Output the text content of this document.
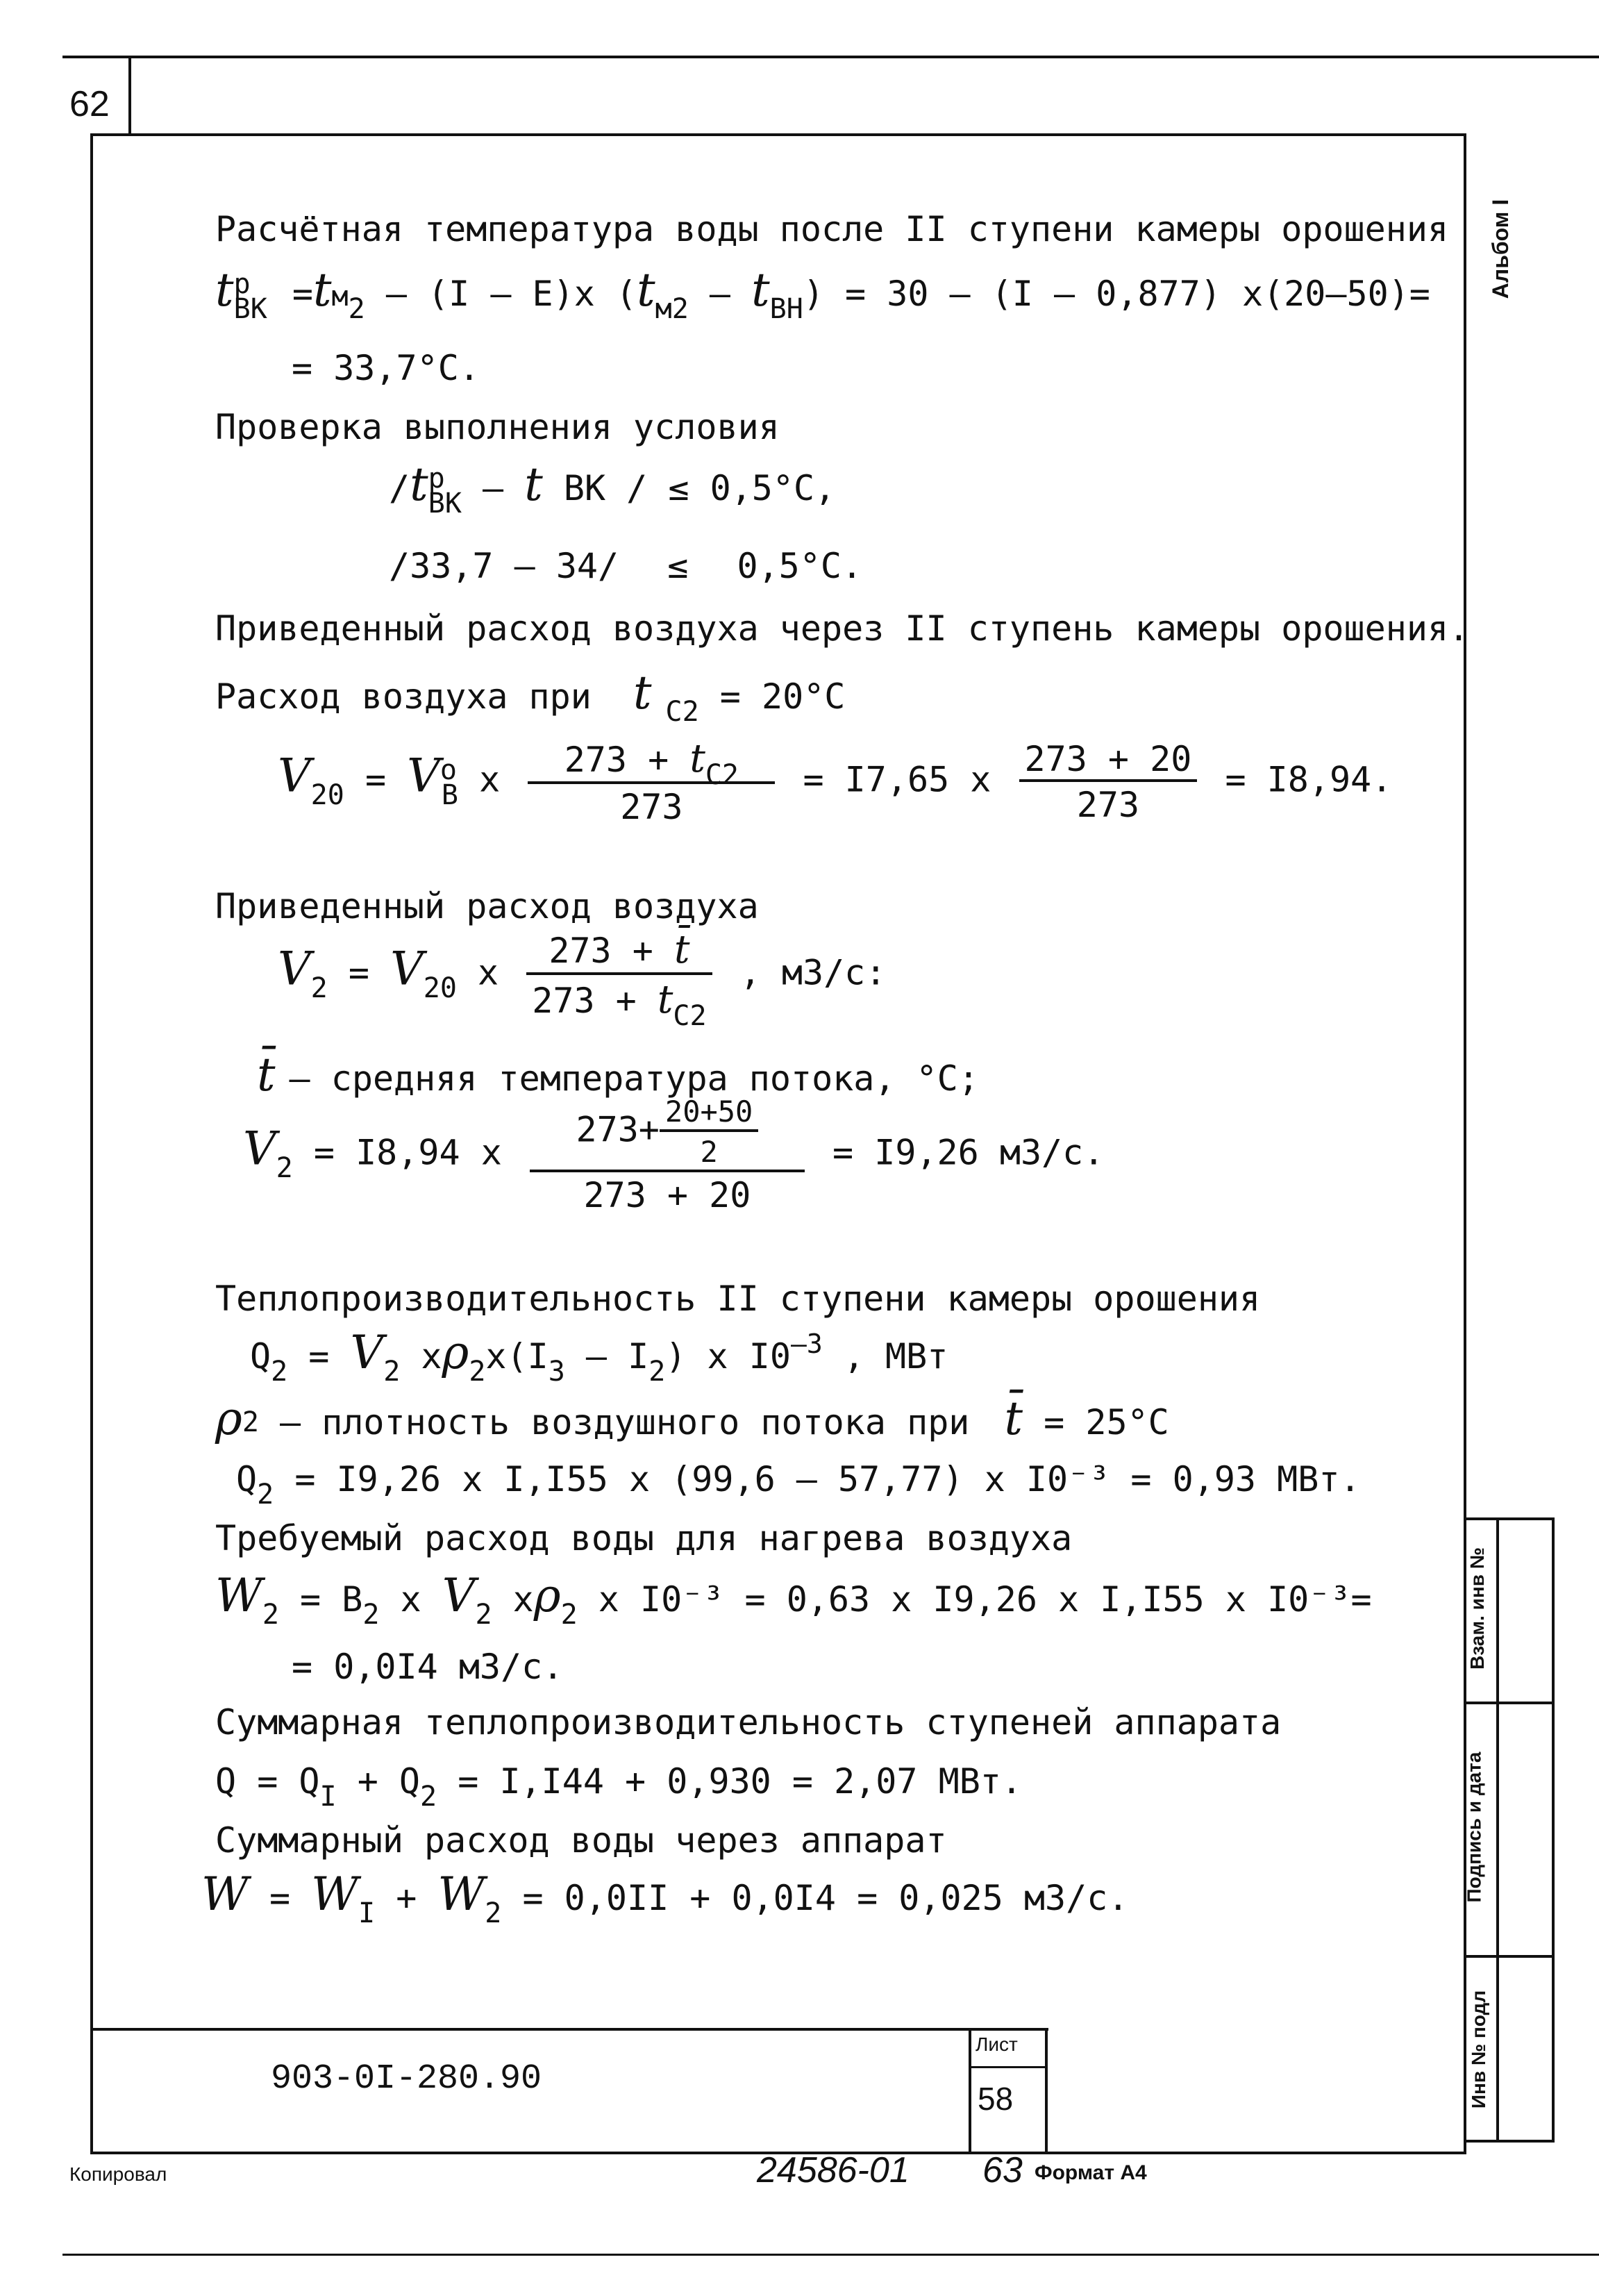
62
Альбом I
Расчётная температура воды после II ступени камеры орошения
$t^p_{ВК} =tм_2 - (I - Е)x$ $(t_{м2} - t_{ВН}) = 30 - (I - 0,877)$ x(20–50)=
= 33,7°С.
Проверка выполнения условия
$/t^p_{ВК}$ – t ВК / ≤ 0,5°С,
/33,7 – 34/ ≤ 0,5°С.
Приведенный расход воздуха через II ступень камеры орошения.
Расход воздуха при t $_{С2}$ = 20°С
$V_{20} = V^o_В$ x $\frac{273 + t_{С2}}{273} = I7,65$ x $\frac{273 + 20}{273} = I8,94$.
Приведенный расход воздуха
$V_2 = V_{20}$ x $\frac{273 + t̄}{273 + t_{С2}}$ , м3/с:
t̄ – средняя температура потока, °С;
$V_2 = I8,94$ x $\frac{273+ \frac{20+50}{2}}{273 + 20} = I9,26$ м3/с.
Теплопроизводительность II ступени камеры орошения
$Q_2 = V_2$ $x\rho_2x(I_3 - I_2)$ x $I0^{-3}$ , МВт
ρ2 – плотность воздушного потока при t̄ = 25°С
$Q_2 = I9,26$ x I,I55 x (99,6 – 57,77) x I0⁻³ = 0,93 МВт.
Требуемый расход воды для нагрева воздуха
$W_2 = В_2$ x $V_2$ $x\rho_2$ x I0⁻³ = 0,63 x I9,26 x I,I55 x I0⁻³=
= 0,0I4 м3/с.
Суммарная теплопроизводительность ступеней аппарата
$Q = Q_I + Q_2 = I,I44 + 0,930 = 2,07$ МВт.
Суммарный расход воды через аппарат
$W = W_I + W_2 = 0,0II + 0,0I4 = 0,025$ м3/с.
903-0I-280.90
Лист
58
Взам. инв №
Подпись и дата
Инв № подл
Копировал	24586-01 63 Формат А4
